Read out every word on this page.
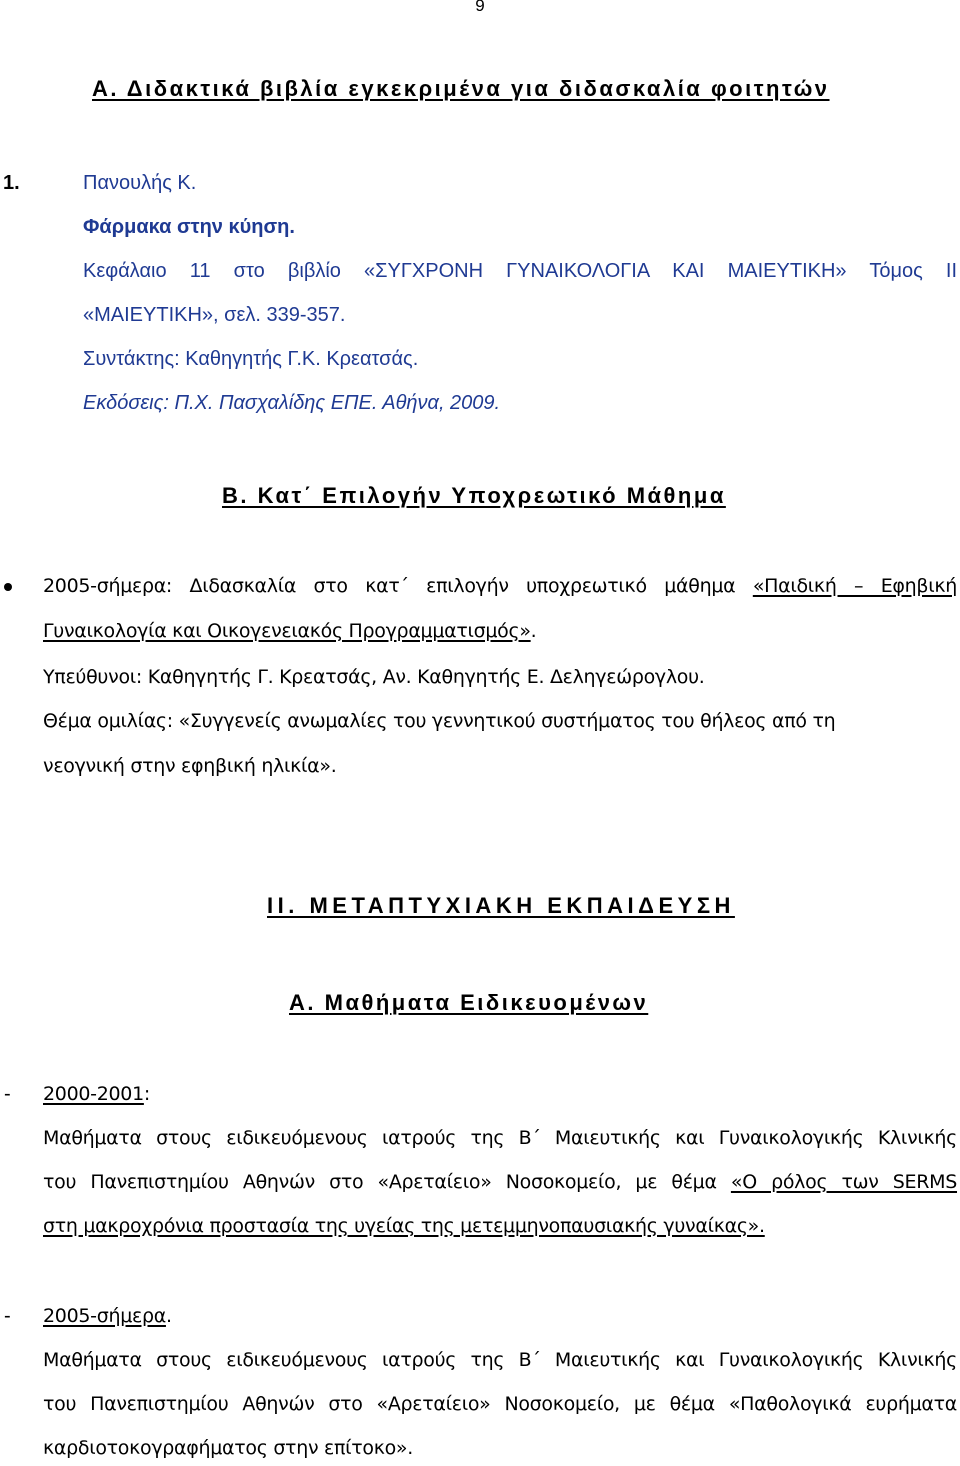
9
Α. Διδακτικά βιβλία εγκεκριμένα για διδασκαλία φοιτητών
1.	Πανουλής Κ.
Φάρμακα στην κύηση.
Κεφάλαιο 11 στο βιβλίο «ΣΥΓΧΡΟΝΗ ΓΥΝΑΙΚΟΛΟΓΙΑ ΚΑΙ ΜΑΙΕΥΤΙΚΗ» Τόμος ΙΙ
«ΜΑΙΕΥΤΙΚΗ», σελ. 339-357.
Συντάκτης: Καθηγητής Γ.Κ. Κρεατσάς.
Εκδόσεις: Π.Χ. Πασχαλίδης ΕΠΕ. Αθήνα, 2009.
Β. Κατ΄ Επιλογήν Υποχρεωτικό Μάθημα
2005-σήμερα: Διδασκαλία στο κατ΄ επιλογήν υποχρεωτικό μάθημα «Παιδική – Εφηβική
Γυναικολογία και Οικογενειακός Προγραμματισμός».
Υπεύθυνοι: Καθηγητής Γ. Κρεατσάς, Αν. Καθηγητής Ε. Δεληγεώρογλου.
Θέμα ομιλίας: «Συγγενείς ανωμαλίες του γεννητικού συστήματος του θήλεος από τη
νεογνική στην εφηβική ηλικία».
ΙΙ. ΜΕΤΑΠΤΥΧΙΑΚΗ ΕΚΠΑΙΔΕΥΣΗ
Α. Μαθήματα Ειδικευομένων
- 2000-2001:
Μαθήματα στους ειδικευόμενους ιατρούς της Β΄ Μαιευτικής και Γυναικολογικής Κλινικής
του Πανεπιστημίου Αθηνών στο «Αρεταίειο» Νοσοκομείο, με θέμα «Ο ρόλος των SERMS
στη μακροχρόνια προστασία της υγείας της μετεμμηνοπαυσιακής γυναίκας».
- 2005-σήμερα.
Μαθήματα στους ειδικευόμενους ιατρούς της Β΄ Μαιευτικής και Γυναικολογικής Κλινικής
του Πανεπιστημίου Αθηνών στο «Αρεταίειο» Νοσοκομείο, με θέμα «Παθολογικά ευρήματα
καρδιοτοκογραφήματος στην επίτοκο».
